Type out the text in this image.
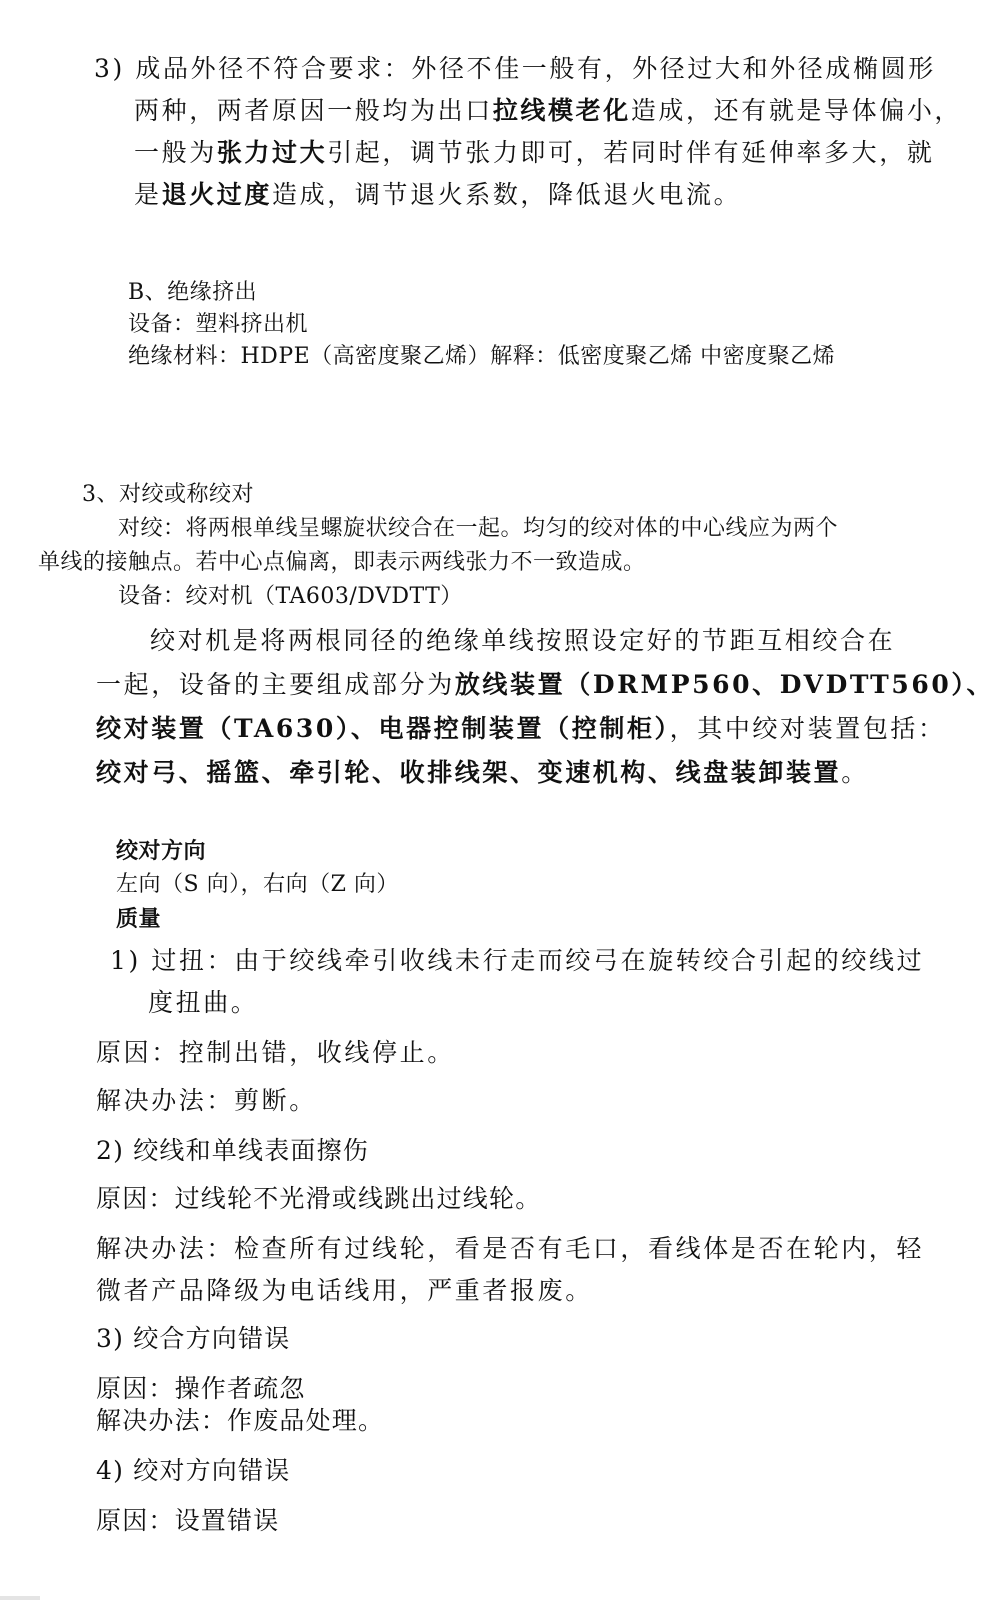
3) 成品外径不符合要求：外径不佳一般有，外径过大和外径成椭圆形
两种，两者原因一般均为出口拉线模老化造成，还有就是导体偏小，
一般为张力过大引起，调节张力即可，若同时伴有延伸率多大，就
是退火过度造成，调节退火系数，降低退火电流。
B、绝缘挤出
设备：塑料挤出机
绝缘材料：HDPE（高密度聚乙烯）解释：低密度聚乙烯 中密度聚乙烯
3、对绞或称绞对
对绞：将两根单线呈螺旋状绞合在一起。均匀的绞对体的中心线应为两个
单线的接触点。若中心点偏离，即表示两线张力不一致造成。
设备：绞对机（TA603/DVDTT）
绞对机是将两根同径的绝缘单线按照设定好的节距互相绞合在
一起，设备的主要组成部分为放线装置（DRMP560、DVDTT560）、
绞对装置（TA630）、电器控制装置（控制柜），其中绞对装置包括：
绞对弓、摇篮、牵引轮、收排线架、变速机构、线盘装卸装置。
绞对方向
左向（S 向），右向（Z 向）
质量
1) 过扭：由于绞线牵引收线未行走而绞弓在旋转绞合引起的绞线过
度扭曲。
原因：控制出错，收线停止。
解决办法：剪断。
2) 绞线和单线表面擦伤
原因：过线轮不光滑或线跳出过线轮。
解决办法：检查所有过线轮，看是否有毛口，看线体是否在轮内，轻
微者产品降级为电话线用，严重者报废。
3) 绞合方向错误
原因：操作者疏忽
解决办法：作废品处理。
4) 绞对方向错误
原因：设置错误
